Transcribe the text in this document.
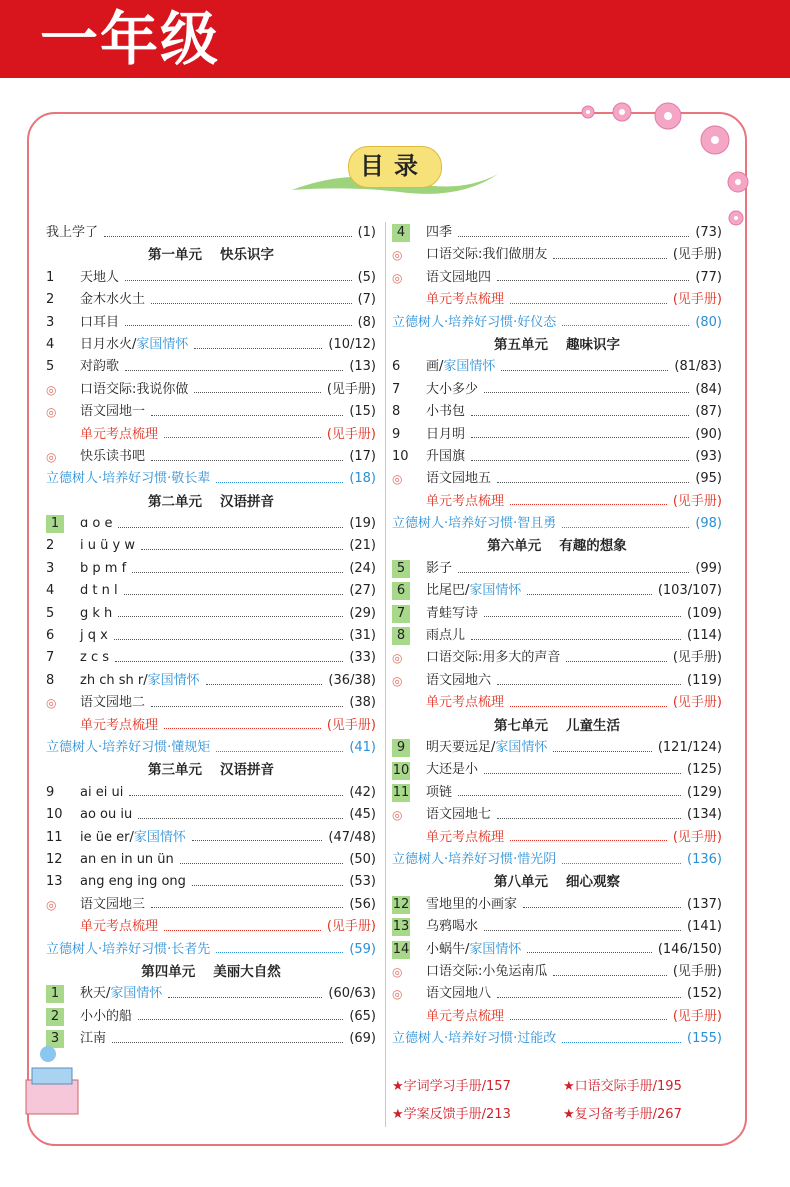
一年级
目录
我上学了	(1)
第一单元 快乐识字
1	天地人	(5)
2	金木水火土	(7)
3	口耳目	(8)
4	日月水火/ 家国情怀	(10/12)
5	对韵歌	(13)
◎	口语交际:我说你做	(见手册)
◎	语文园地一	(15)
单元考点梳理	(见手册)
◎	快乐读书吧	(17)
立德树人·培养好习惯·敬长辈	(18)
第二单元 汉语拼音
1	ɑ o e	(19)
2	i u ü y w	(21)
3	b p m f	(24)
4	d t n l	(27)
5	g k h	(29)
6	j q x	(31)
7	z c s	(33)
8	zh ch sh r/ 家国情怀	(36/38)
◎	语文园地二	(38)
单元考点梳理	(见手册)
立德树人·培养好习惯·懂规矩	(41)
第三单元 汉语拼音
9	ai ei ui	(42)
10	ao ou iu	(45)
11	ie üe er/ 家国情怀	(47/48)
12	an en in un ün	(50)
13	ang eng ing ong	(53)
◎	语文园地三	(56)
单元考点梳理	(见手册)
立德树人·培养好习惯·长者先	(59)
第四单元 美丽大自然
1	秋天/ 家国情怀	(60/63)
2	小小的船	(65)
3	江南	(69)
4	四季	(73)
◎	口语交际:我们做朋友	(见手册)
◎	语文园地四	(77)
单元考点梳理	(见手册)
立德树人·培养好习惯·好仪态	(80)
第五单元 趣味识字
6	画/ 家国情怀	(81/83)
7	大小多少	(84)
8	小书包	(87)
9	日月明	(90)
10	升国旗	(93)
◎	语文园地五	(95)
单元考点梳理	(见手册)
立德树人·培养好习惯·智且勇	(98)
第六单元 有趣的想象
5	影子	(99)
6	比尾巴/ 家国情怀	(103/107)
7	青蛙写诗	(109)
8	雨点儿	(114)
◎	口语交际:用多大的声音	(见手册)
◎	语文园地六	(119)
单元考点梳理	(见手册)
第七单元 儿童生活
9	明天要远足/ 家国情怀	(121/124)
10 大还是小	(125)
11 项链	(129)
◎	语文园地七	(134)
单元考点梳理	(见手册)
立德树人·培养好习惯·惜光阴	(136)
第八单元 细心观察
12 雪地里的小画家	(137)
13 乌鸦喝水	(141)
14 小蜗牛/ 家国情怀	(146/150)
◎	口语交际:小兔运南瓜	(见手册)
◎	语文园地八	(152)
单元考点梳理	(见手册)
立德树人·培养好习惯·过能改	(155)
★字词学习手册/157	★口语交际手册/195
★学案反馈手册/213	★复习备考手册/267
